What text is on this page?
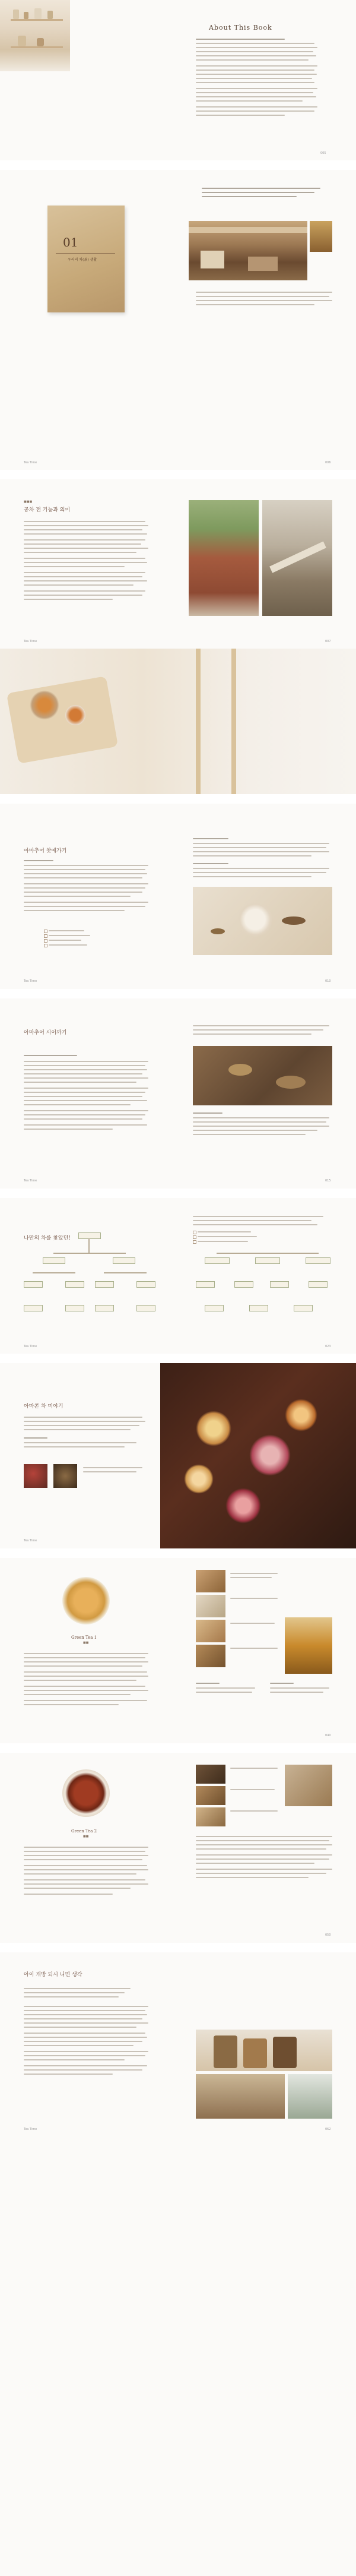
About This Book
005
01
우리의 차(茶) 생활
Tea Time	006
■■■
공차 전 기능과 의미
Tea Time	007
아마추어 찻예가기
Tea Time	010
아마추어 시이까기
Tea Time	015
나만의 차를 찾았던!
Tea Time	023
아마콘 차 미야기
Tea Time
Green Tea 1
■■
040
Green Tea 2
■■
050
아이 개방 되시 니면 생각
Tea Time	062
